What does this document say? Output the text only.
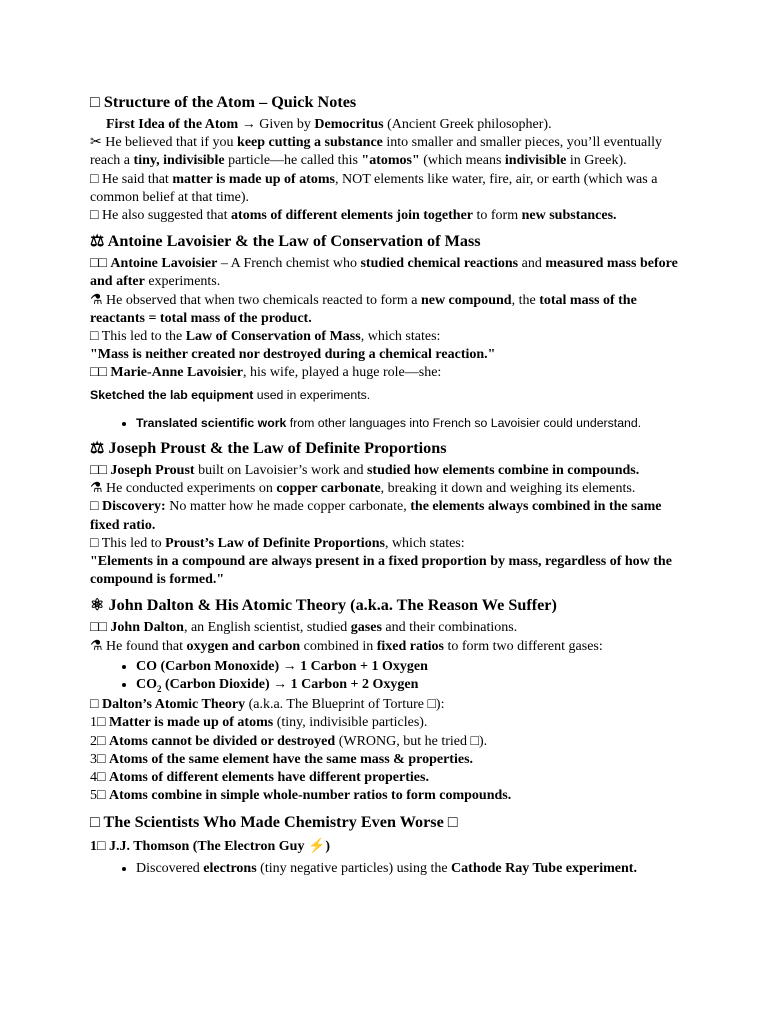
□ Structure of the Atom – Quick Notes

First Idea of the Atom → Given by Democritus (Ancient Greek philosopher).

✂ He believed that if you keep cutting a substance into smaller and smaller pieces, you’ll eventually reach a tiny, indivisible particle—he called this "atomos" (which means indivisible in Greek).

□ He said that matter is made up of atoms, NOT elements like water, fire, air, or earth (which was a common belief at that time).

□ He also suggested that atoms of different elements join together to form new substances.

⚖ Antoine Lavoisier & the Law of Conservation of Mass

□□ Antoine Lavoisier – A French chemist who studied chemical reactions and measured mass before and after experiments.

⚗ He observed that when two chemicals reacted to form a new compound, the total mass of the reactants = total mass of the product.

□ This led to the Law of Conservation of Mass, which states:

"Mass is neither created nor destroyed during a chemical reaction."

□□ Marie-Anne Lavoisier, his wife, played a huge role—she:

Sketched the lab equipment used in experiments.

• Translated scientific work from other languages into French so Lavoisier could understand.
⚖ Joseph Proust & the Law of Definite Proportions

□□ Joseph Proust built on Lavoisier’s work and studied how elements combine in compounds.

⚗ He conducted experiments on copper carbonate, breaking it down and weighing its elements.

□ Discovery: No matter how he made copper carbonate, the elements always combined in the same fixed ratio.

□ This led to Proust’s Law of Definite Proportions, which states:

"Elements in a compound are always present in a fixed proportion by mass, regardless of how the compound is formed."

⚛ John Dalton & His Atomic Theory (a.k.a. The Reason We Suffer)

□□ John Dalton, an English scientist, studied gases and their combinations.

⚗ He found that oxygen and carbon combined in fixed ratios to form two different gases:

• CO (Carbon Monoxide) → 1 Carbon + 1 Oxygen
• $CO_2$ (Carbon Dioxide) → 1 Carbon + 2 Oxygen

□ Dalton’s Atomic Theory (a.k.a. The Blueprint of Torture □):

1□ Matter is made up of atoms (tiny, indivisible particles).

2□ Atoms cannot be divided or destroyed (WRONG, but he tried □).

3□ Atoms of the same element have the same mass & properties.

4□ Atoms of different elements have different properties.

5□ Atoms combine in simple whole-number ratios to form compounds.

□ The Scientists Who Made Chemistry Even Worse □
1□ J.J. Thomson (The Electron Guy ⚡)
• Discovered electrons (tiny negative particles) using the Cathode Ray Tube experiment.
